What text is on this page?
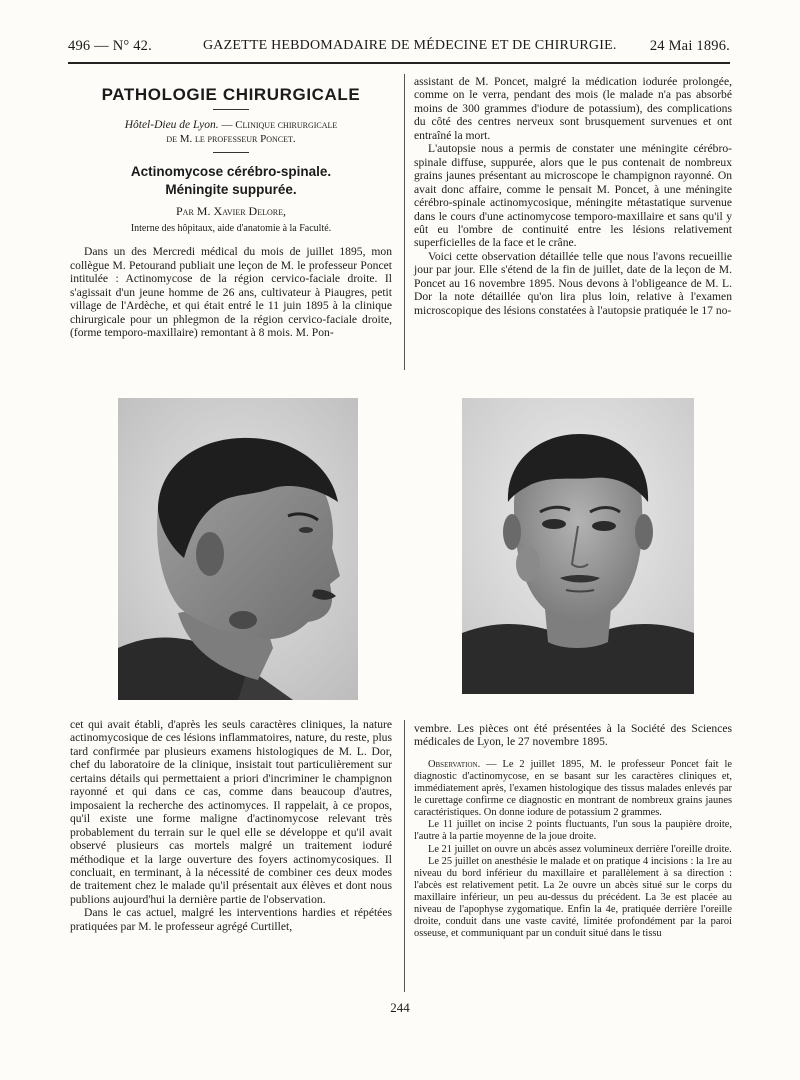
496 — N° 42.	GAZETTE HEBDOMADAIRE DE MÉDECINE ET DE CHIRURGIE. 24 Mai 1896.
PATHOLOGIE CHIRURGICALE
Hôtel-Dieu de Lyon. — Clinique chirurgicale
de M. le professeur Poncet.
Actinomycose cérébro-spinale.
Méningite suppurée.
Par M. Xavier Delore,
Interne des hôpitaux, aide d'anatomie à la Faculté.

Dans un des Mercredi médical du mois de juillet 1895, mon collègue M. Petourand publiait une leçon de M. le professeur Poncet intitulée : Actinomycose de la région cervico-faciale droite. Il s'agissait d'un jeune homme de 26 ans, cultivateur à Piaugres, petit village de l'Ardèche, et qui était entré le 11 juin 1895 à la clinique chirurgicale pour un phlegmon de la région cervico-faciale droite, (forme temporo-maxillaire) remontant à 8 mois. M. Pon-

assistant de M. Poncet, malgré la médication iodurée prolongée, comme on le verra, pendant des mois (le malade n'a pas absorbé moins de 300 grammes d'iodure de potassium), des complications du côté des centres nerveux sont brusquement survenues et ont entraîné la mort.

L'autopsie nous a permis de constater une méningite cérébro-spinale diffuse, suppurée, alors que le pus contenait de nombreux grains jaunes présentant au microscope le champignon rayonné. On avait donc affaire, comme le pensait M. Poncet, à une méningite cérébro-spinale actinomycosique, méningite métastatique survenue dans le cours d'une actinomycose temporo-maxillaire et sans qu'il y eût eu l'ombre de continuité entre les lésions relativement superficielles de la face et le crâne.

Voici cette observation détaillée telle que nous l'avons recueillie jour par jour. Elle s'étend de la fin de juillet, date de la leçon de M. Poncet au 16 novembre 1895. Nous devons à l'obligeance de M. L. Dor la note détaillée qu'on lira plus loin, relative à l'examen microscopique des lésions constatées à l'autopsie pratiquée le 17 no-

cet qui avait établi, d'après les seuls caractères cliniques, la nature actinomycosique de ces lésions inflammatoires, nature, du reste, plus tard confirmée par plusieurs examens histologiques de M. L. Dor, chef du laboratoire de la clinique, insistait tout particulièrement sur certains détails qui permettaient a priori d'incriminer le champignon rayonné et qui dans ce cas, comme dans beaucoup d'autres, imposaient la recherche des actinomyces. Il rappelait, à ce propos, qu'il existe une forme maligne d'actinomycose relevant très probablement du terrain sur le quel elle se développe et qu'il avait observé plusieurs cas mortels malgré un traitement ioduré méthodique et la large ouverture des foyers actinomycosiques. Il concluait, en terminant, à la nécessité de combiner ces deux modes de traitement chez le malade qu'il présentait aux élèves et dont nous publions aujourd'hui la dernière partie de l'observation.

Dans le cas actuel, malgré les interventions hardies et répétées pratiquées par M. le professeur agrégé Curtillet,

vembre. Les pièces ont été présentées à la Société des Sciences médicales de Lyon, le 27 novembre 1895.

Observation. — Le 2 juillet 1895, M. le professeur Poncet fait le diagnostic d'actinomycose, en se basant sur les caractères cliniques et, immédiatement après, l'examen histologique des tissus malades enlevés par le curettage confirme ce diagnostic en montrant de nombreux grains jaunes caractéristiques. On donne iodure de potassium 2 grammes.

Le 11 juillet on incise 2 points fluctuants, l'un sous la paupière droite, l'autre à la partie moyenne de la joue droite.

Le 21 juillet on ouvre un abcès assez volumineux derrière l'oreille droite.

Le 25 juillet on anesthésie le malade et on pratique 4 incisions : la 1re au niveau du bord inférieur du maxillaire et parallèlement à sa direction : l'abcès est relativement petit. La 2e ouvre un abcès situé sur le corps du maxillaire inférieur, un peu au-dessus du précédent. La 3e est placée au niveau de l'apophyse zygomatique. Enfin la 4e, pratiquée derrière l'oreille droite, conduit dans une vaste cavité, limitée profondément par la paroi osseuse, et communiquant par un conduit situé dans le tissu

244
